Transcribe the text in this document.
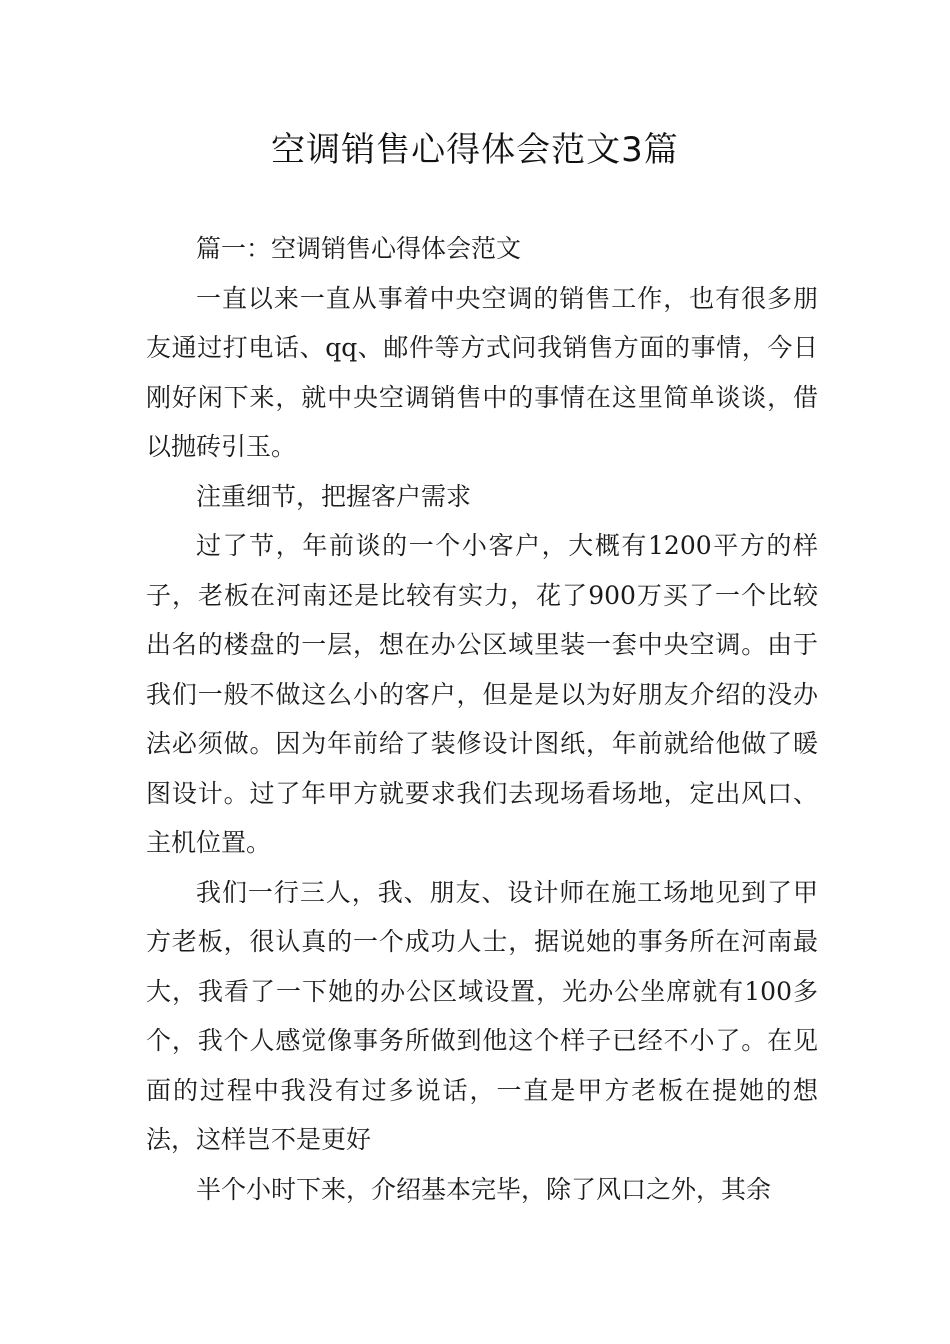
空调销售心得体会范文3篇

篇一：空调销售心得体会范文

一直以来一直从事着中央空调的销售工作，也有很多朋友通过打电话、qq、邮件等方式问我销售方面的事情，今日刚好闲下来，就中央空调销售中的事情在这里简单谈谈，借以抛砖引玉。

注重细节，把握客户需求

过了节，年前谈的一个小客户，大概有1200平方的样子，老板在河南还是比较有实力，花了900万买了一个比较出名的楼盘的一层，想在办公区域里装一套中央空调。由于我们一般不做这么小的客户，但是是以为好朋友介绍的没办法必须做。因为年前给了装修设计图纸，年前就给他做了暖图设计。过了年甲方就要求我们去现场看场地，定出风口、主机位置。

我们一行三人，我、朋友、设计师在施工场地见到了甲方老板，很认真的一个成功人士，据说她的事务所在河南最大，我看了一下她的办公区域设置，光办公坐席就有100多个，我个人感觉像事务所做到他这个样子已经不小了。在见面的过程中我没有过多说话，一直是甲方老板在提她的想法，这样岂不是更好

半个小时下来，介绍基本完毕，除了风口之外，其余
